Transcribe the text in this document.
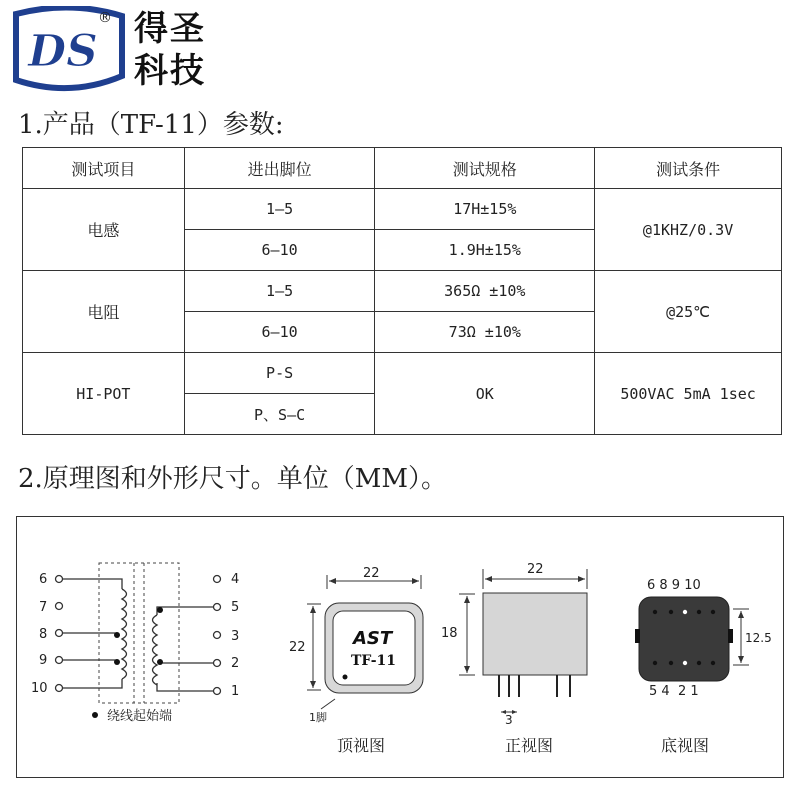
DS
® 得圣
科技
1.产品（TF-11）参数:
测试项目	进出脚位	测试规格	测试条件
电感	1—5	17H±15%	@1KHZ/0.3V
	6—10	1.9H±15%	
电阻	1—5	365Ω ±10%	@25℃
	6—10	73Ω ±10%	
HI-POT	P-S	OK	500VAC 5mA 1sec
	P、S—C		
2.原理图和外形尺寸。单位（MM）。
6
7
8
9
10
4
5
3
2
1
绕线起始端
22
22	AST
TF-11
1脚
22
18
3
6 8 9 10
5 4  2 1
12.5
顶视图	正视图	底视图
